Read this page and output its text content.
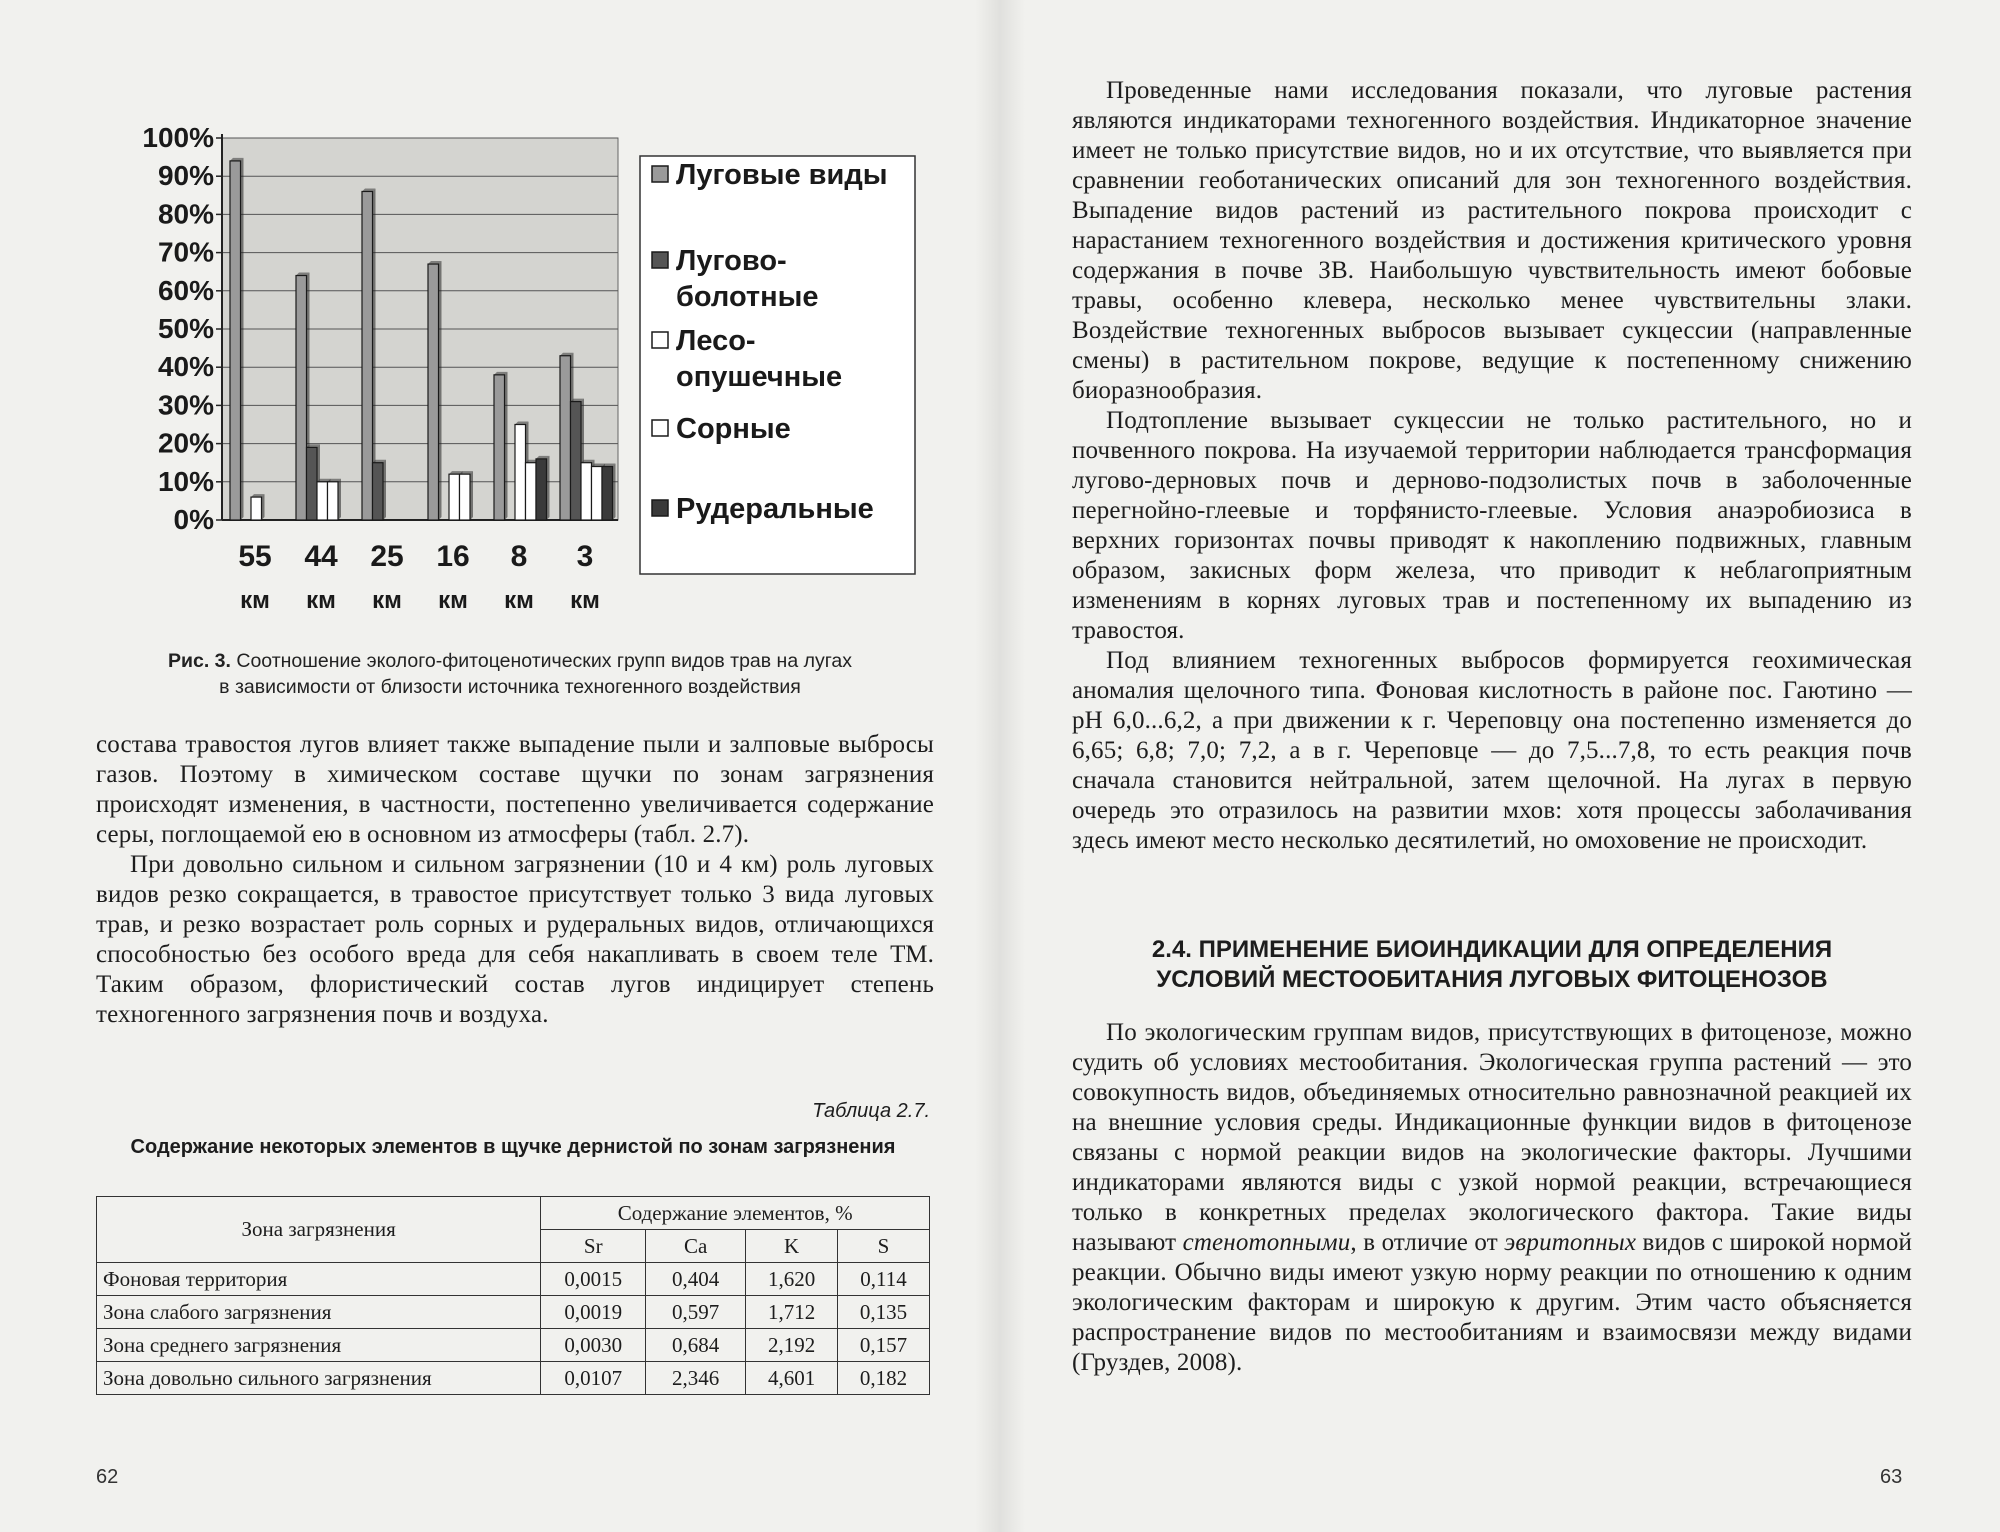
0%
10%
20%
30%
40%
50%
60%
70%
80%
90%
100%
55
км
44
км
25
км
16
км
8
км
3
км
Луговые виды
Лугово-
болотные
Лесо-
опушечные
Сорные
Рудеральные
Рис. 3. Соотношение эколого-фитоценотических групп видов трав на лугах
в зависимости от близости источника техногенного воздействия

состава травостоя лугов влияет также выпадение пыли и залповые выбросы газов. Поэтому в химическом составе щучки по зонам загрязнения происходят изменения, в частности, постепенно увеличивается содержание серы, поглощаемой ею в основном из атмосферы (табл. 2.7).

При довольно сильном и сильном загрязнении (10 и 4 км) роль луговых видов резко сокращается, в травостое присутствует только 3 вида луговых трав, и резко возрастает роль сорных и рудеральных видов, отличающихся способностью без особого вреда для себя накапливать в своем теле ТМ. Таким образом, флористический состав лугов индицирует степень техногенного загрязнения почв и воздуха.

Таблица 2.7.
Содержание некоторых элементов в щучке дернистой по зонам загрязнения
Зона загрязнения	Содержание элементов, %			
	Sr	Ca	K	S
Фоновая территория	0,0015	0,404	1,620	0,114
Зона слабого загрязнения	0,0019	0,597	1,712	0,135
Зона среднего загрязнения	0,0030	0,684	2,192	0,157
Зона довольно сильного загрязнения	0,0107	2,346	4,601	0,182
62

Проведенные нами исследования показали, что луговые растения являются индикаторами техногенного воздействия. Индикаторное значение имеет не только присутствие видов, но и их отсутствие, что выявляется при сравнении геоботанических описаний для зон техногенного воздействия. Выпадение видов растений из растительного покрова происходит с нарастанием техногенного воздействия и достижения критического уровня содержания в почве ЗВ. Наибольшую чувствительность имеют бобовые травы, особенно клевера, несколько менее чувствительны злаки. Воздействие техногенных выбросов вызывает сукцессии (направленные смены) в растительном покрове, ведущие к постепенному снижению биоразнообразия.

Подтопление вызывает сукцессии не только растительного, но и почвенного покрова. На изучаемой территории наблюдается трансформация лугово-дерновых почв и дерново-подзолистых почв в заболоченные перегнойно-глеевые и торфянисто-глеевые. Условия анаэробиозиса в верхних горизонтах почвы приводят к накоплению подвижных, главным образом, закисных форм железа, что приводит к неблагоприятным изменениям в корнях луговых трав и постепенному их выпадению из травостоя.

Под влиянием техногенных выбросов формируется геохимическая аномалия щелочного типа. Фоновая кислотность в районе пос. Гаютино — рН 6,0...6,2, а при движении к г. Череповцу она постепенно изменяется до 6,65; 6,8; 7,0; 7,2, а в г. Череповце — до 7,5...7,8, то есть реакция почв сначала становится нейтральной, затем щелочной. На лугах в первую очередь это отразилось на развитии мхов: хотя процессы заболачивания здесь имеют место несколько десятилетий, но омоховение не происходит.

2.4. ПРИМЕНЕНИЕ БИОИНДИКАЦИИ ДЛЯ ОПРЕДЕЛЕНИЯ
УСЛОВИЙ МЕСТООБИТАНИЯ ЛУГОВЫХ ФИТОЦЕНОЗОВ

По экологическим группам видов, присутствующих в фитоценозе, можно судить об условиях местообитания. Экологическая группа растений — это совокупность видов, объединяемых относительно равнозначной реакцией их на внешние условия среды. Индикационные функции видов в фитоценозе связаны с нормой реакции видов на экологические факторы. Лучшими индикаторами являются виды с узкой нормой реакции, встречающиеся только в конкретных пределах экологического фактора. Такие виды называют стенотопными, в отличие от эвритопных видов с широкой нормой реакции. Обычно виды имеют узкую норму реакции по отношению к одним экологическим факторам и широкую к другим. Этим часто объясняется распространение видов по местообитаниям и взаимосвязи между видами (Груздев, 2008).

63
